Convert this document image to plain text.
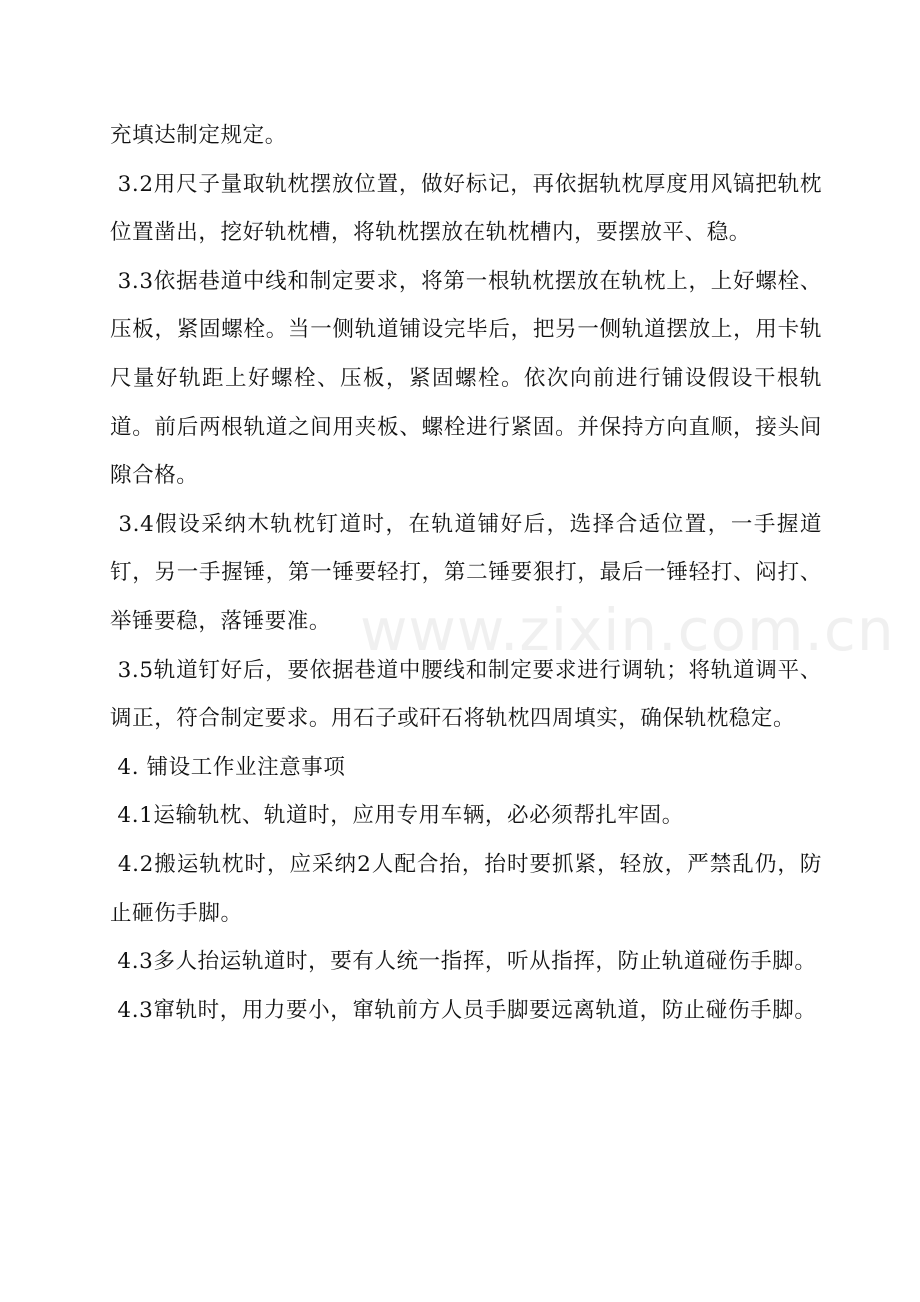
充填达制定规定。

3.2用尺子量取轨枕摆放位置，做好标记，再依据轨枕厚度用风镐把轨枕位置凿出，挖好轨枕槽，将轨枕摆放在轨枕槽内，要摆放平、稳。

3.3依据巷道中线和制定要求，将第一根轨枕摆放在轨枕上，上好螺栓、压板，紧固螺栓。当一侧轨道铺设完毕后，把另一侧轨道摆放上，用卡轨尺量好轨距上好螺栓、压板，紧固螺栓。依次向前进行铺设假设干根轨道。前后两根轨道之间用夹板、螺栓进行紧固。并保持方向直顺，接头间隙合格。

3.4假设采纳木轨枕钉道时，在轨道铺好后，选择合适位置，一手握道钉，另一手握锤，第一锤要轻打，第二锤要狠打，最后一锤轻打、闷打、举锤要稳，落锤要准。

3.5轨道钉好后，要依据巷道中腰线和制定要求进行调轨；将轨道调平、调正，符合制定要求。用石子或矸石将轨枕四周填实，确保轨枕稳定。

4. 铺设工作业注意事项

4.1运输轨枕、轨道时，应用专用车辆，必必须帮扎牢固。

4.2搬运轨枕时，应采纳2人配合抬，抬时要抓紧，轻放，严禁乱仍，防止砸伤手脚。

4.3多人抬运轨道时，要有人统一指挥，听从指挥，防止轨道碰伤手脚。

4.3窜轨时，用力要小，窜轨前方人员手脚要远离轨道，防止碰伤手脚。

www.zixin.com.cn
